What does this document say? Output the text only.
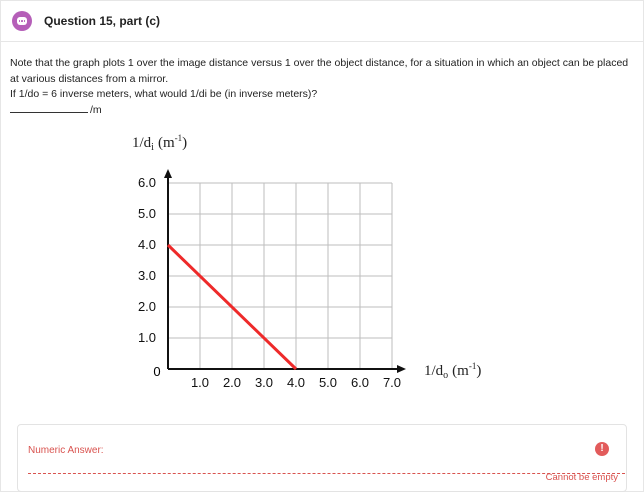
Question 15, part (c)

Note that the graph plots 1 over the image distance versus 1 over the object distance, for a situation in which an object can be placed at various distances from a mirror.

If 1/do = 6 inverse meters, what would 1/di be (in inverse meters)?

/m

6.0
5.0
4.0
3.0
2.0
1.0
1.0 2.0 3.0 4.0 5.0 6.0 7.0
0
$1/d_i$ $(m^{-1})$
$1/d_o$ $(m^{-1})$
Numeric Answer:	!
Cannot be empty
